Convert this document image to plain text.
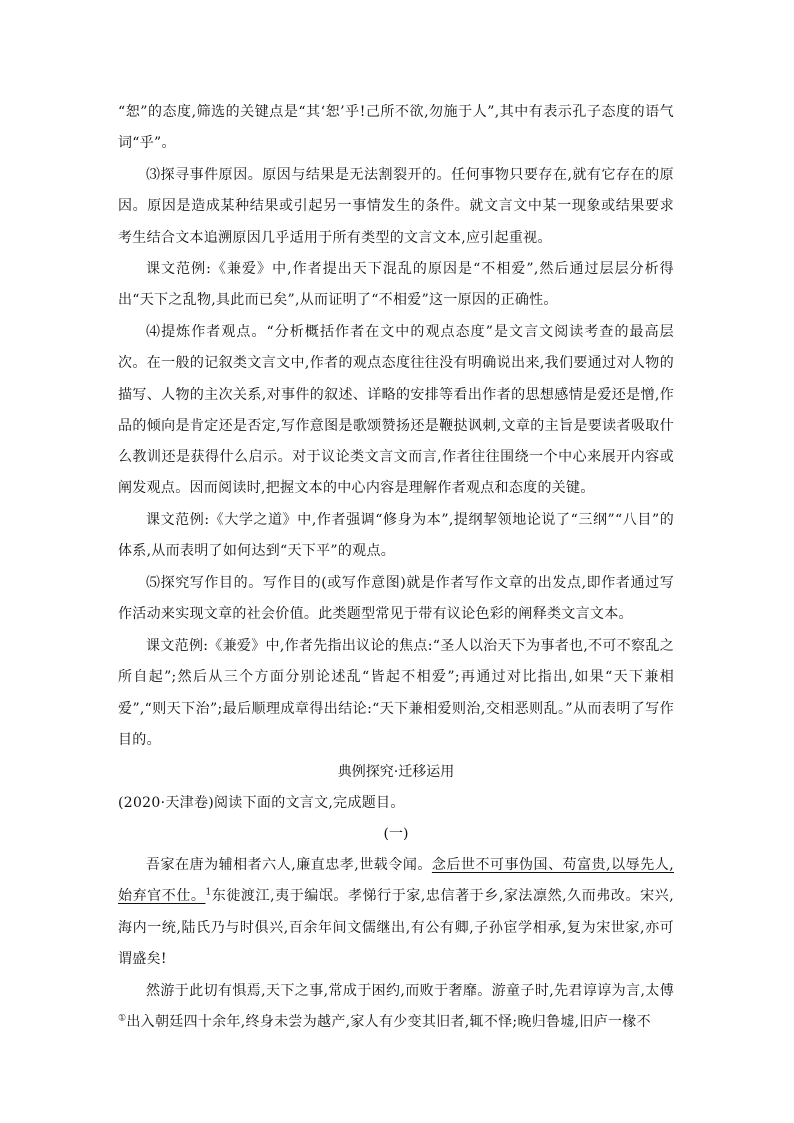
“恕”的态度,筛选的关键点是“其‘恕’乎!己所不欲,勿施于人”,其中有表示孔子态度的语气词“乎”。

⑶探寻事件原因。原因与结果是无法割裂开的。任何事物只要存在,就有它存在的原因。原因是造成某种结果或引起另一事情发生的条件。就文言文中某一现象或结果要求考生结合文本追溯原因几乎适用于所有类型的文言文本,应引起重视。

课文范例:《兼爱》中,作者提出天下混乱的原因是“不相爱”,然后通过层层分析得出“天下之乱物,具此而已矣”,从而证明了“不相爱”这一原因的正确性。

⑷提炼作者观点。“分析概括作者在文中的观点态度”是文言文阅读考查的最高层次。在一般的记叙类文言文中,作者的观点态度往往没有明确说出来,我们要通过对人物的描写、人物的主次关系,对事件的叙述、详略的安排等看出作者的思想感情是爱还是憎,作品的倾向是肯定还是否定,写作意图是歌颂赞扬还是鞭挞讽刺,文章的主旨是要读者吸取什么教训还是获得什么启示。对于议论类文言文而言,作者往往围绕一个中心来展开内容或阐发观点。因而阅读时,把握文本的中心内容是理解作者观点和态度的关键。

课文范例:《大学之道》中,作者强调“修身为本”,提纲挈领地论说了“三纲”“八目”的体系,从而表明了如何达到“天下平”的观点。

⑸探究写作目的。写作目的(或写作意图)就是作者写作文章的出发点,即作者通过写作活动来实现文章的社会价值。此类题型常见于带有议论色彩的阐释类文言文本。

课文范例:《兼爱》中,作者先指出议论的焦点:“圣人以治天下为事者也,不可不察乱之所自起”;然后从三个方面分别论述乱“皆起不相爱”;再通过对比指出,如果“天下兼相爱”,“则天下治”;最后顺理成章得出结论:“天下兼相爱则治,交相恶则乱。”从而表明了写作目的。

典例探究·迁移运用

(2020·天津卷)阅读下面的文言文,完成题目。

(一)

吾家在唐为辅相者六人,廉直忠孝,世载令闻。念后世不可事伪国、苟富贵,以辱先人,始弃官不仕。$^1$东徙渡江,夷于编氓。孝悌行于家,忠信著于乡,家法凛然,久而弗改。宋兴,海内一统,陆氏乃与时俱兴,百余年间文儒继出,有公有卿,子孙宦学相承,复为宋世家,亦可谓盛矣!

然游于此切有惧焉,天下之事,常成于困约,而败于奢靡。游童子时,先君谆谆为言,太傅①出入朝廷四十余年,终身未尝为越产,家人有少变其旧者,辄不怿;晚归鲁墟,旧庐一椽不
